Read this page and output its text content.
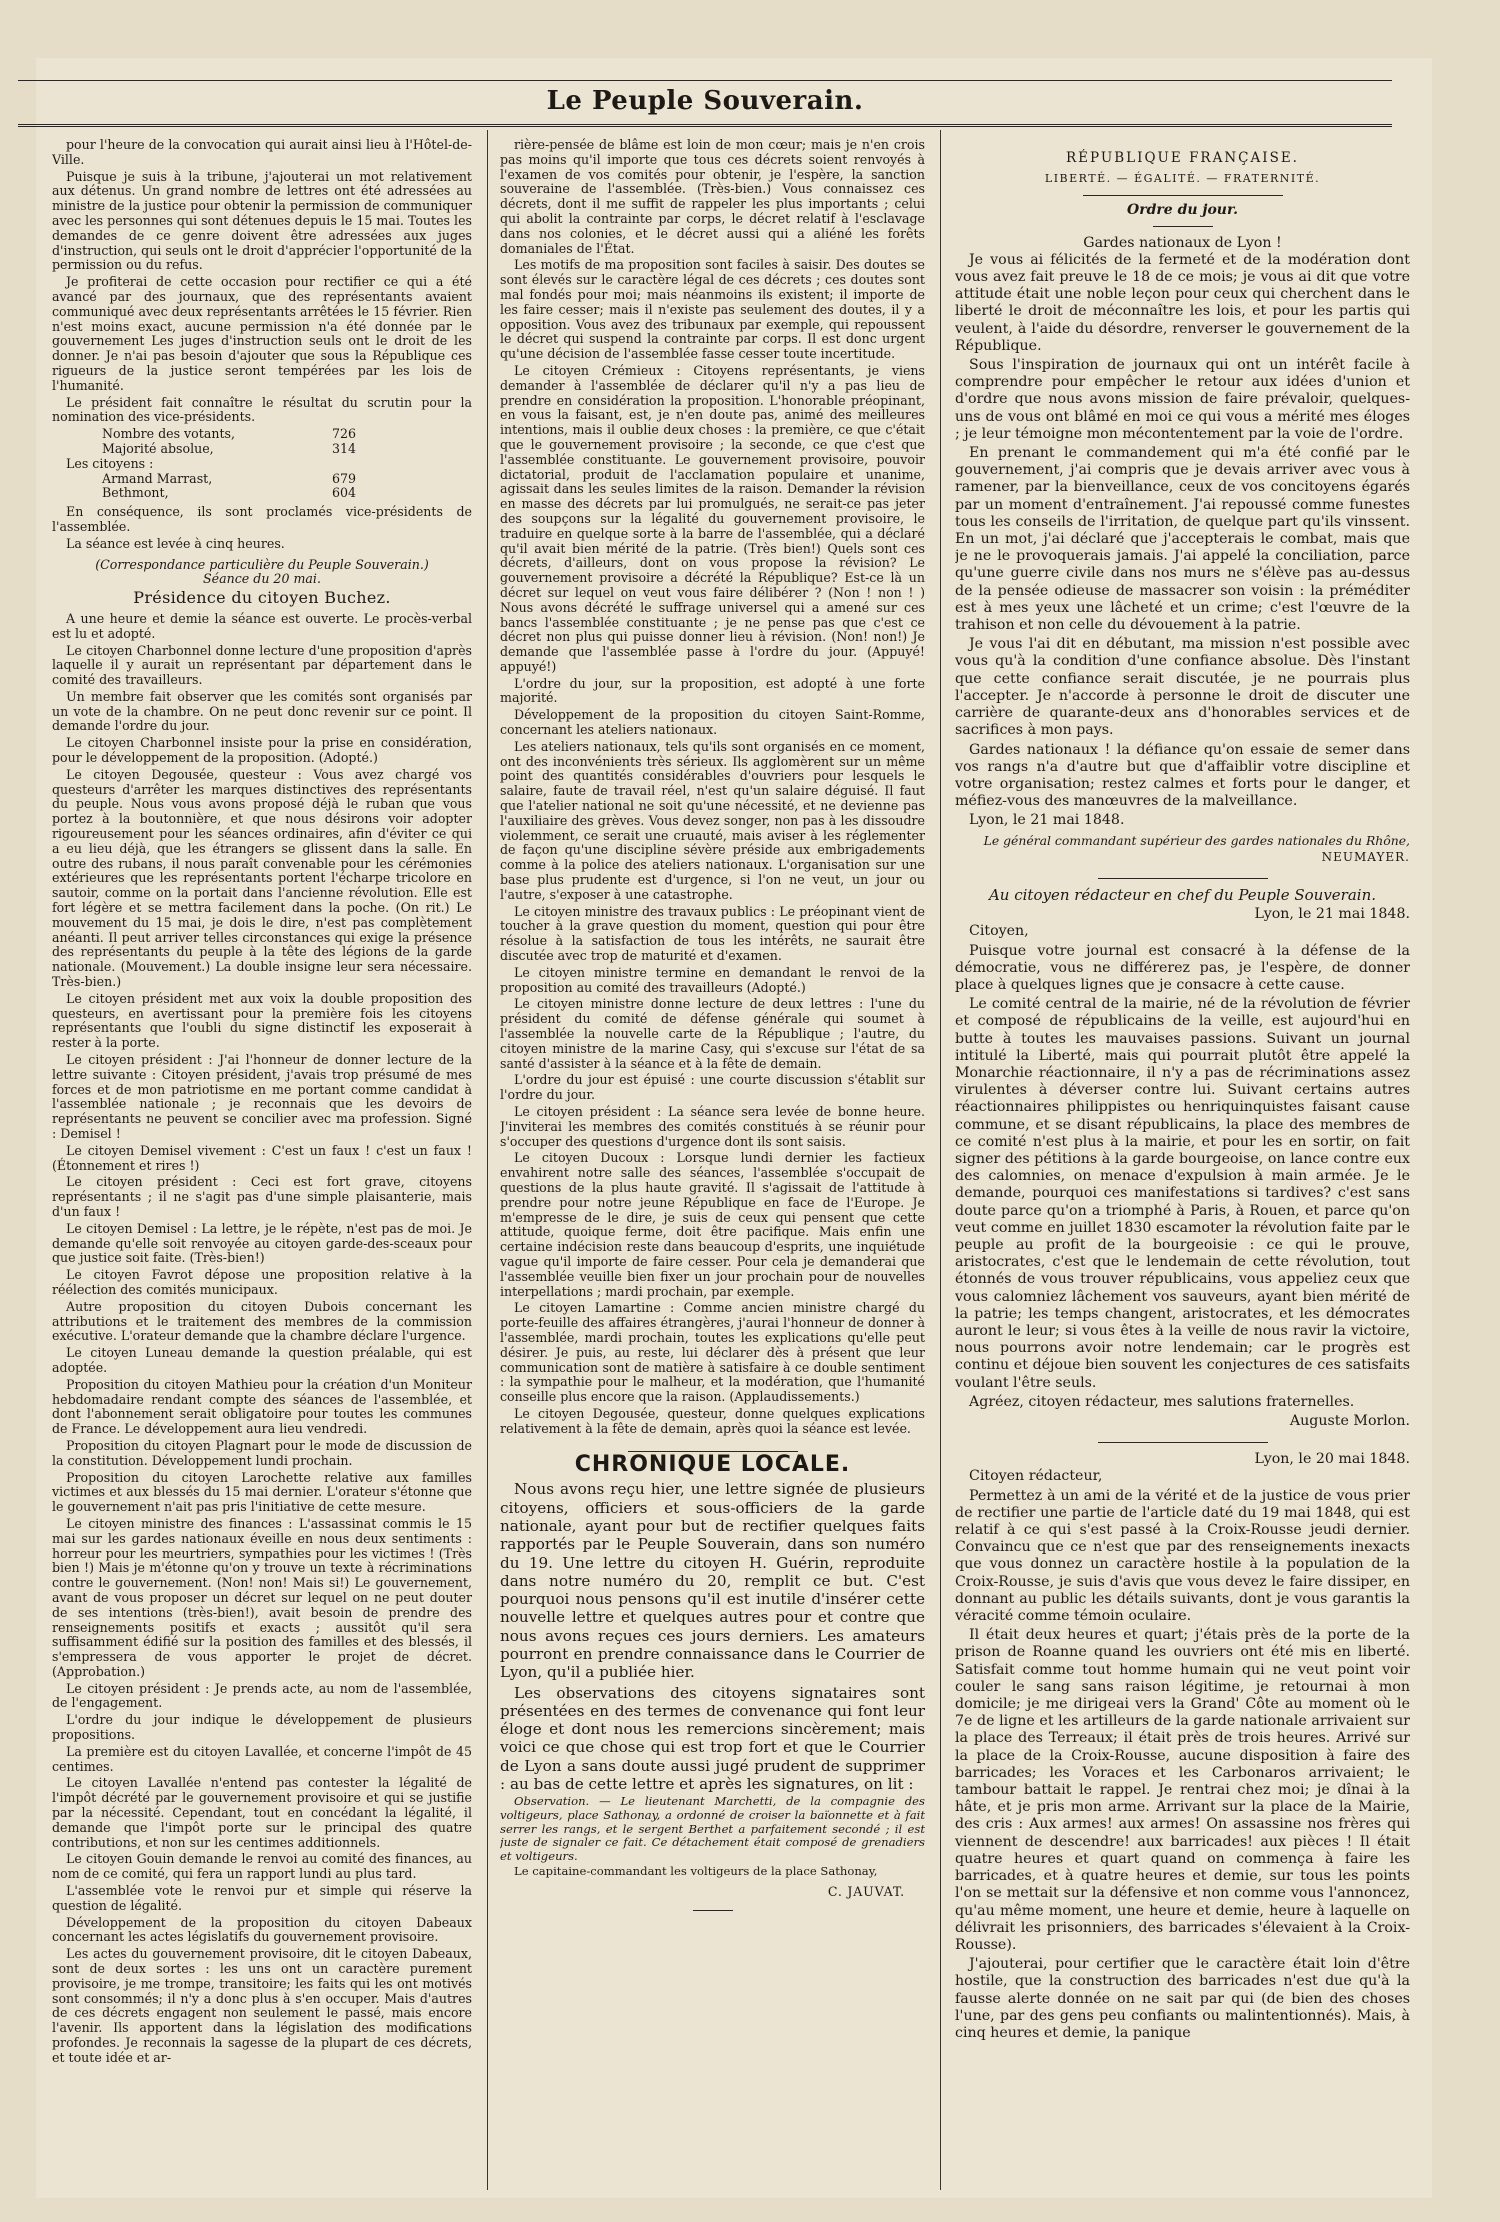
Le Peuple Souverain.

pour l'heure de la convocation qui aurait ainsi lieu à l'Hôtel-de-Ville.

Puisque je suis à la tribune, j'ajouterai un mot relativement aux détenus. Un grand nombre de lettres ont été adressées au ministre de la justice pour obtenir la permission de communiquer avec les personnes qui sont détenues depuis le 15 mai. Toutes les demandes de ce genre doivent être adressées aux juges d'instruction, qui seuls ont le droit d'apprécier l'opportunité de la permission ou du refus.

Je profiterai de cette occasion pour rectifier ce qui a été avancé par des journaux, que des représentants avaient communiqué avec deux représentants arrêtées le 15 février. Rien n'est moins exact, aucune permission n'a été donnée par le gouvernement Les juges d'instruction seuls ont le droit de les donner. Je n'ai pas besoin d'ajouter que sous la République ces rigueurs de la justice seront tempérées par les lois de l'humanité.

Le président fait connaître le résultat du scrutin pour la nomination des vice-présidents.

Nombre des votants,	726
Majorité absolue,	314
Les citoyens :
Armand Marrast,	679
Bethmont,	604

En conséquence, ils sont proclamés vice-présidents de l'assemblée.

La séance est levée à cinq heures.

(Correspondance particulière du Peuple Souverain.)
Séance du 20 mai.
Présidence du citoyen Buchez.

A une heure et demie la séance est ouverte. Le procès-verbal est lu et adopté.

Le citoyen Charbonnel donne lecture d'une proposition d'après laquelle il y aurait un représentant par département dans le comité des travailleurs.

Un membre fait observer que les comités sont organisés par un vote de la chambre. On ne peut donc revenir sur ce point. Il demande l'ordre du jour.

Le citoyen Charbonnel insiste pour la prise en considération, pour le développement de la proposition. (Adopté.)

Le citoyen Degousée, questeur : Vous avez chargé vos questeurs d'arrêter les marques distinctives des représentants du peuple. Nous vous avons proposé déjà le ruban que vous portez à la boutonnière, et que nous désirons voir adopter rigoureusement pour les séances ordinaires, afin d'éviter ce qui a eu lieu déjà, que les étrangers se glissent dans la salle. En outre des rubans, il nous paraît convenable pour les cérémonies extérieures que les représentants portent l'écharpe tricolore en sautoir, comme on la portait dans l'ancienne révolution. Elle est fort légère et se mettra facilement dans la poche. (On rit.) Le mouvement du 15 mai, je dois le dire, n'est pas complètement anéanti. Il peut arriver telles circonstances qui exige la présence des représentants du peuple à la tête des légions de la garde nationale. (Mouvement.) La double insigne leur sera nécessaire. Très-bien.)

Le citoyen président met aux voix la double proposition des questeurs, en avertissant pour la première fois les citoyens représentants que l'oubli du signe distinctif les exposerait à rester à la porte.

Le citoyen président : J'ai l'honneur de donner lecture de la lettre suivante : Citoyen président, j'avais trop présumé de mes forces et de mon patriotisme en me portant comme candidat à l'assemblée nationale ; je reconnais que les devoirs de représentants ne peuvent se concilier avec ma profession. Signé : Demisel !

Le citoyen Demisel vivement : C'est un faux ! c'est un faux ! (Étonnement et rires !)

Le citoyen président : Ceci est fort grave, citoyens représentants ; il ne s'agit pas d'une simple plaisanterie, mais d'un faux !

Le citoyen Demisel : La lettre, je le répète, n'est pas de moi. Je demande qu'elle soit renvoyée au citoyen garde-des-sceaux pour que justice soit faite. (Très-bien!)

Le citoyen Favrot dépose une proposition relative à la réélection des comités municipaux.

Autre proposition du citoyen Dubois concernant les attributions et le traitement des membres de la commission exécutive. L'orateur demande que la chambre déclare l'urgence.

Le citoyen Luneau demande la question préalable, qui est adoptée.

Proposition du citoyen Mathieu pour la création d'un Moniteur hebdomadaire rendant compte des séances de l'assemblée, et dont l'abonnement serait obligatoire pour toutes les communes de France. Le développement aura lieu vendredi.

Proposition du citoyen Plagnart pour le mode de discussion de la constitution. Développement lundi prochain.

Proposition du citoyen Larochette relative aux familles victimes et aux blessés du 15 mai dernier. L'orateur s'étonne que le gouvernement n'ait pas pris l'initiative de cette mesure.

Le citoyen ministre des finances : L'assassinat commis le 15 mai sur les gardes nationaux éveille en nous deux sentiments : horreur pour les meurtriers, sympathies pour les victimes ! (Très bien !) Mais je m'étonne qu'on y trouve un texte à récriminations contre le gouvernement. (Non! non! Mais si!) Le gouvernement, avant de vous proposer un décret sur lequel on ne peut douter de ses intentions (très-bien!), avait besoin de prendre des renseignements positifs et exacts ; aussitôt qu'il sera suffisamment édifié sur la position des familles et des blessés, il s'empressera de vous apporter le projet de décret. (Approbation.)

Le citoyen président : Je prends acte, au nom de l'assemblée, de l'engagement.

L'ordre du jour indique le développement de plusieurs propositions.

La première est du citoyen Lavallée, et concerne l'impôt de 45 centimes.

Le citoyen Lavallée n'entend pas contester la légalité de l'impôt décrété par le gouvernement provisoire et qui se justifie par la nécessité. Cependant, tout en concédant la légalité, il demande que l'impôt porte sur le principal des quatre contributions, et non sur les centimes additionnels.

Le citoyen Gouin demande le renvoi au comité des finances, au nom de ce comité, qui fera un rapport lundi au plus tard.

L'assemblée vote le renvoi pur et simple qui réserve la question de légalité.

Développement de la proposition du citoyen Dabeaux concernant les actes législatifs du gouvernement provisoire.

Les actes du gouvernement provisoire, dit le citoyen Dabeaux, sont de deux sortes : les uns ont un caractère purement provisoire, je me trompe, transitoire; les faits qui les ont motivés sont consommés; il n'y a donc plus à s'en occuper. Mais d'autres de ces décrets engagent non seulement le passé, mais encore l'avenir. Ils apportent dans la législation des modifications profondes. Je reconnais la sagesse de la plupart de ces décrets, et toute idée et ar-

rière-pensée de blâme est loin de mon cœur; mais je n'en crois pas moins qu'il importe que tous ces décrets soient renvoyés à l'examen de vos comités pour obtenir, je l'espère, la sanction souveraine de l'assemblée. (Très-bien.) Vous connaissez ces décrets, dont il me suffit de rappeler les plus importants ; celui qui abolit la contrainte par corps, le décret relatif à l'esclavage dans nos colonies, et le décret aussi qui a aliéné les forêts domaniales de l'État.

Les motifs de ma proposition sont faciles à saisir. Des doutes se sont élevés sur le caractère légal de ces décrets ; ces doutes sont mal fondés pour moi; mais néanmoins ils existent; il importe de les faire cesser; mais il n'existe pas seulement des doutes, il y a opposition. Vous avez des tribunaux par exemple, qui repoussent le décret qui suspend la contrainte par corps. Il est donc urgent qu'une décision de l'assemblée fasse cesser toute incertitude.

Le citoyen Crémieux : Citoyens représentants, je viens demander à l'assemblée de déclarer qu'il n'y a pas lieu de prendre en considération la proposition. L'honorable préopinant, en vous la faisant, est, je n'en doute pas, animé des meilleures intentions, mais il oublie deux choses : la première, ce que c'était que le gouvernement provisoire ; la seconde, ce que c'est que l'assemblée constituante. Le gouvernement provisoire, pouvoir dictatorial, produit de l'acclamation populaire et unanime, agissait dans les seules limites de la raison. Demander la révision en masse des décrets par lui promulgués, ne serait-ce pas jeter des soupçons sur la légalité du gouvernement provisoire, le traduire en quelque sorte à la barre de l'assemblée, qui a déclaré qu'il avait bien mérité de la patrie. (Très bien!) Quels sont ces décrets, d'ailleurs, dont on vous propose la révision? Le gouvernement provisoire a décrété la République? Est-ce là un décret sur lequel on veut vous faire délibérer ? (Non ! non ! ) Nous avons décrété le suffrage universel qui a amené sur ces bancs l'assemblée constituante ; je ne pense pas que c'est ce décret non plus qui puisse donner lieu à révision. (Non! non!) Je demande que l'assemblée passe à l'ordre du jour. (Appuyé! appuyé!)

L'ordre du jour, sur la proposition, est adopté à une forte majorité.

Développement de la proposition du citoyen Saint-Romme, concernant les ateliers nationaux.

Les ateliers nationaux, tels qu'ils sont organisés en ce moment, ont des inconvénients très sérieux. Ils agglomèrent sur un même point des quantités considérables d'ouvriers pour lesquels le salaire, faute de travail réel, n'est qu'un salaire déguisé. Il faut que l'atelier national ne soit qu'une nécessité, et ne devienne pas l'auxiliaire des grèves. Vous devez songer, non pas à les dissoudre violemment, ce serait une cruauté, mais aviser à les réglementer de façon qu'une discipline sévère préside aux embrigadements comme à la police des ateliers nationaux. L'organisation sur une base plus prudente est d'urgence, si l'on ne veut, un jour ou l'autre, s'exposer à une catastrophe.

Le citoyen ministre des travaux publics : Le préopinant vient de toucher à la grave question du moment, question qui pour être résolue à la satisfaction de tous les intérêts, ne saurait être discutée avec trop de maturité et d'examen.

Le citoyen ministre termine en demandant le renvoi de la proposition au comité des travailleurs (Adopté.)

Le citoyen ministre donne lecture de deux lettres : l'une du président du comité de défense générale qui soumet à l'assemblée la nouvelle carte de la République ; l'autre, du citoyen ministre de la marine Casy, qui s'excuse sur l'état de sa santé d'assister à la séance et à la fête de demain.

L'ordre du jour est épuisé : une courte discussion s'établit sur l'ordre du jour.

Le citoyen président : La séance sera levée de bonne heure. J'inviterai les membres des comités constitués à se réunir pour s'occuper des questions d'urgence dont ils sont saisis.

Le citoyen Ducoux : Lorsque lundi dernier les factieux envahirent notre salle des séances, l'assemblée s'occupait de questions de la plus haute gravité. Il s'agissait de l'attitude à prendre pour notre jeune République en face de l'Europe. Je m'empresse de le dire, je suis de ceux qui pensent que cette attitude, quoique ferme, doit être pacifique. Mais enfin une certaine indécision reste dans beaucoup d'esprits, une inquiétude vague qu'il importe de faire cesser. Pour cela je demanderai que l'assemblée veuille bien fixer un jour prochain pour de nouvelles interpellations ; mardi prochain, par exemple.

Le citoyen Lamartine : Comme ancien ministre chargé du porte-feuille des affaires étrangères, j'aurai l'honneur de donner à l'assemblée, mardi prochain, toutes les explications qu'elle peut désirer. Je puis, au reste, lui déclarer dès à présent que leur communication sont de matière à satisfaire à ce double sentiment : la sympathie pour le malheur, et la modération, que l'humanité conseille plus encore que la raison. (Applaudissements.)

Le citoyen Degousée, questeur, donne quelques explications relativement à la fête de demain, après quoi la séance est levée.

CHRONIQUE LOCALE.

Nous avons reçu hier, une lettre signée de plusieurs citoyens, officiers et sous-officiers de la garde nationale, ayant pour but de rectifier quelques faits rapportés par le Peuple Souverain, dans son numéro du 19. Une lettre du citoyen H. Guérin, reproduite dans notre numéro du 20, remplit ce but. C'est pourquoi nous pensons qu'il est inutile d'insérer cette nouvelle lettre et quelques autres pour et contre que nous avons reçues ces jours derniers. Les amateurs pourront en prendre connaissance dans le Courrier de Lyon, qu'il a publiée hier.

Les observations des citoyens signataires sont présentées en des termes de convenance qui font leur éloge et dont nous les remercions sincèrement; mais voici ce que chose qui est trop fort et que le Courrier de Lyon a sans doute aussi jugé prudent de supprimer : au bas de cette lettre et après les signatures, on lit :

Observation. — Le lieutenant Marchetti, de la compagnie des voltigeurs, place Sathonay, a ordonné de croiser la baïonnette et à fait serrer les rangs, et le sergent Berthet a parfaitement secondé ; il est juste de signaler ce fait. Ce détachement était composé de grenadiers et voltigeurs.

Le capitaine-commandant les voltigeurs de la place Sathonay,

C. JAUVAT.
RÉPUBLIQUE FRANÇAISE.
LIBERTÉ. — ÉGALITÉ. — FRATERNITÉ.
Ordre du jour.
Gardes nationaux de Lyon !

Je vous ai félicités de la fermeté et de la modération dont vous avez fait preuve le 18 de ce mois; je vous ai dit que votre attitude était une noble leçon pour ceux qui cherchent dans le liberté le droit de méconnaître les lois, et pour les partis qui veulent, à l'aide du désordre, renverser le gouvernement de la République.

Sous l'inspiration de journaux qui ont un intérêt facile à comprendre pour empêcher le retour aux idées d'union et d'ordre que nous avons mission de faire prévaloir, quelques-uns de vous ont blâmé en moi ce qui vous a mérité mes éloges ; je leur témoigne mon mécontentement par la voie de l'ordre.

En prenant le commandement qui m'a été confié par le gouvernement, j'ai compris que je devais arriver avec vous à ramener, par la bienveillance, ceux de vos concitoyens égarés par un moment d'entraînement. J'ai repoussé comme funestes tous les conseils de l'irritation, de quelque part qu'ils vinssent. En un mot, j'ai déclaré que j'accepterais le combat, mais que je ne le provoquerais jamais. J'ai appelé la conciliation, parce qu'une guerre civile dans nos murs ne s'élève pas au-dessus de la pensée odieuse de massacrer son voisin : la préméditer est à mes yeux une lâcheté et un crime; c'est l'œuvre de la trahison et non celle du dévouement à la patrie.

Je vous l'ai dit en débutant, ma mission n'est possible avec vous qu'à la condition d'une confiance absolue. Dès l'instant que cette confiance serait discutée, je ne pourrais plus l'accepter. Je n'accorde à personne le droit de discuter une carrière de quarante-deux ans d'honorables services et de sacrifices à mon pays.

Gardes nationaux ! la défiance qu'on essaie de semer dans vos rangs n'a d'autre but que d'affaiblir votre discipline et votre organisation; restez calmes et forts pour le danger, et méfiez-vous des manœuvres de la malveillance.

Lyon, le 21 mai 1848.

Le général commandant supérieur des gardes nationales du Rhône,
NEUMAYER.
Au citoyen rédacteur en chef du Peuple Souverain.
Lyon, le 21 mai 1848.

Citoyen,

Puisque votre journal est consacré à la défense de la démocratie, vous ne différerez pas, je l'espère, de donner place à quelques lignes que je consacre à cette cause.

Le comité central de la mairie, né de la révolution de février et composé de républicains de la veille, est aujourd'hui en butte à toutes les mauvaises passions. Suivant un journal intitulé la Liberté, mais qui pourrait plutôt être appelé la Monarchie réactionnaire, il n'y a pas de récriminations assez virulentes à déverser contre lui. Suivant certains autres réactionnaires philippistes ou henriquinquistes faisant cause commune, et se disant républicains, la place des membres de ce comité n'est plus à la mairie, et pour les en sortir, on fait signer des pétitions à la garde bourgeoise, on lance contre eux des calomnies, on menace d'expulsion à main armée. Je le demande, pourquoi ces manifestations si tardives? c'est sans doute parce qu'on a triomphé à Paris, à Rouen, et parce qu'on veut comme en juillet 1830 escamoter la révolution faite par le peuple au profit de la bourgeoisie : ce qui le prouve, aristocrates, c'est que le lendemain de cette révolution, tout étonnés de vous trouver républicains, vous appeliez ceux que vous calomniez lâchement vos sauveurs, ayant bien mérité de la patrie; les temps changent, aristocrates, et les démocrates auront le leur; si vous êtes à la veille de nous ravir la victoire, nous pourrons avoir notre lendemain; car le progrès est continu et déjoue bien souvent les conjectures de ces satisfaits voulant l'être seuls.

Agréez, citoyen rédacteur, mes salutions fraternelles.

Auguste Morlon.
Lyon, le 20 mai 1848.

Citoyen rédacteur,

Permettez à un ami de la vérité et de la justice de vous prier de rectifier une partie de l'article daté du 19 mai 1848, qui est relatif à ce qui s'est passé à la Croix-Rousse jeudi dernier. Convaincu que ce n'est que par des renseignements inexacts que vous donnez un caractère hostile à la population de la Croix-Rousse, je suis d'avis que vous devez le faire dissiper, en donnant au public les détails suivants, dont je vous garantis la véracité comme témoin oculaire.

Il était deux heures et quart; j'étais près de la porte de la prison de Roanne quand les ouvriers ont été mis en liberté. Satisfait comme tout homme humain qui ne veut point voir couler le sang sans raison légitime, je retournai à mon domicile; je me dirigeai vers la Grand' Côte au moment où le 7e de ligne et les artilleurs de la garde nationale arrivaient sur la place des Terreaux; il était près de trois heures. Arrivé sur la place de la Croix-Rousse, aucune disposition à faire des barricades; les Voraces et les Carbonaros arrivaient; le tambour battait le rappel. Je rentrai chez moi; je dînai à la hâte, et je pris mon arme. Arrivant sur la place de la Mairie, des cris : Aux armes! aux armes! On assassine nos frères qui viennent de descendre! aux barricades! aux pièces ! Il était quatre heures et quart quand on commença à faire les barricades, et à quatre heures et demie, sur tous les points l'on se mettait sur la défensive et non comme vous l'annoncez, qu'au même moment, une heure et demie, heure à laquelle on délivrait les prisonniers, des barricades s'élevaient à la Croix-Rousse).

J'ajouterai, pour certifier que le caractère était loin d'être hostile, que la construction des barricades n'est due qu'à la fausse alerte donnée on ne sait par qui (de bien des choses l'une, par des gens peu confiants ou malintentionnés). Mais, à cinq heures et demie, la panique
